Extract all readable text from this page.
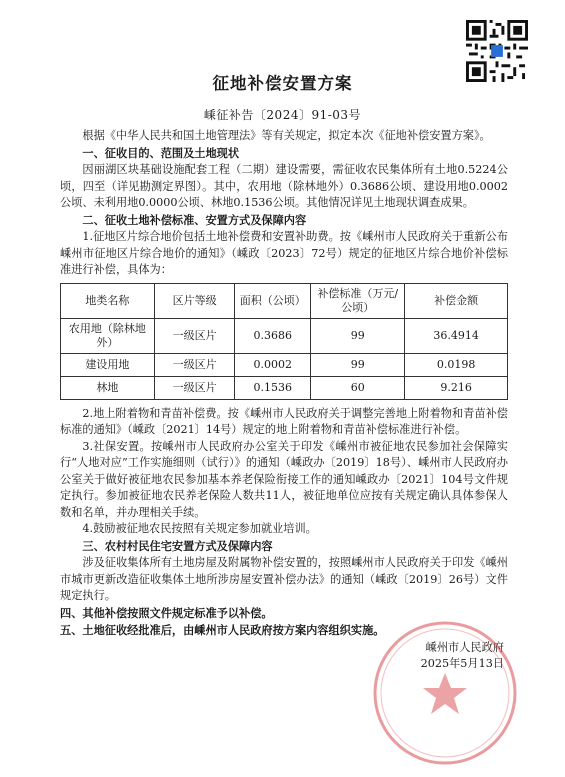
征地补偿安置方案
嵊征补告〔2024〕91-03号

根据《中华人民共和国土地管理法》等有关规定，拟定本次《征地补偿安置方案》。

一、征收目的、范围及土地现状

因丽湖区块基础设施配套工程（二期）建设需要，需征收农民集体所有土地0.5224公顷，四至（详见勘测定界图）。其中，农用地（除林地外）0.3686公顷、建设用地0.0002公顷、未利用地0.0000公顷、林地0.1536公顷。其他情况详见土地现状调查成果。

二、征收土地补偿标准、安置方式及保障内容

1.征地区片综合地价包括土地补偿费和安置补助费。按《嵊州市人民政府关于重新公布嵊州市征地区片综合地价的通知》（嵊政〔2023〕72号）规定的征地区片综合地价补偿标准进行补偿，具体为：

地类名称	区片等级	面积（公顷）	补偿标准（万元/公顷）	补偿金额
农用地（除林地外）	一级区片	0.3686	99	36.4914
建设用地	一级区片	0.0002	99	0.0198
林地	一级区片	0.1536	60	9.216

2.地上附着物和青苗补偿费。按《嵊州市人民政府关于调整完善地上附着物和青苗补偿标准的通知》（嵊政〔2021〕14号）规定的地上附着物和青苗补偿标准进行补偿。

3.社保安置。按嵊州市人民政府办公室关于印发《嵊州市被征地农民参加社会保障实行“人地对应”工作实施细则（试行）》的通知（嵊政办〔2019〕18号）、嵊州市人民政府办公室关于做好被征地农民参加基本养老保险衔接工作的通知嵊政办〔2021〕104号文件规定执行。参加被征地农民养老保险人数共11人，被征地单位应按有关规定确认具体参保人数和名单，并办理相关手续。

4.鼓励被征地农民按照有关规定参加就业培训。

三、农村村民住宅安置方式及保障内容

涉及征收集体所有土地房屋及附属物补偿安置的，按照嵊州市人民政府关于印发《嵊州市城市更新改造征收集体土地所涉房屋安置补偿办法》的通知（嵊政〔2019〕26号）文件规定执行。

四、其他补偿按照文件规定标准予以补偿。

五、土地征收经批准后，由嵊州市人民政府按方案内容组织实施。

嵊州市人民政府

2025年5月13日
